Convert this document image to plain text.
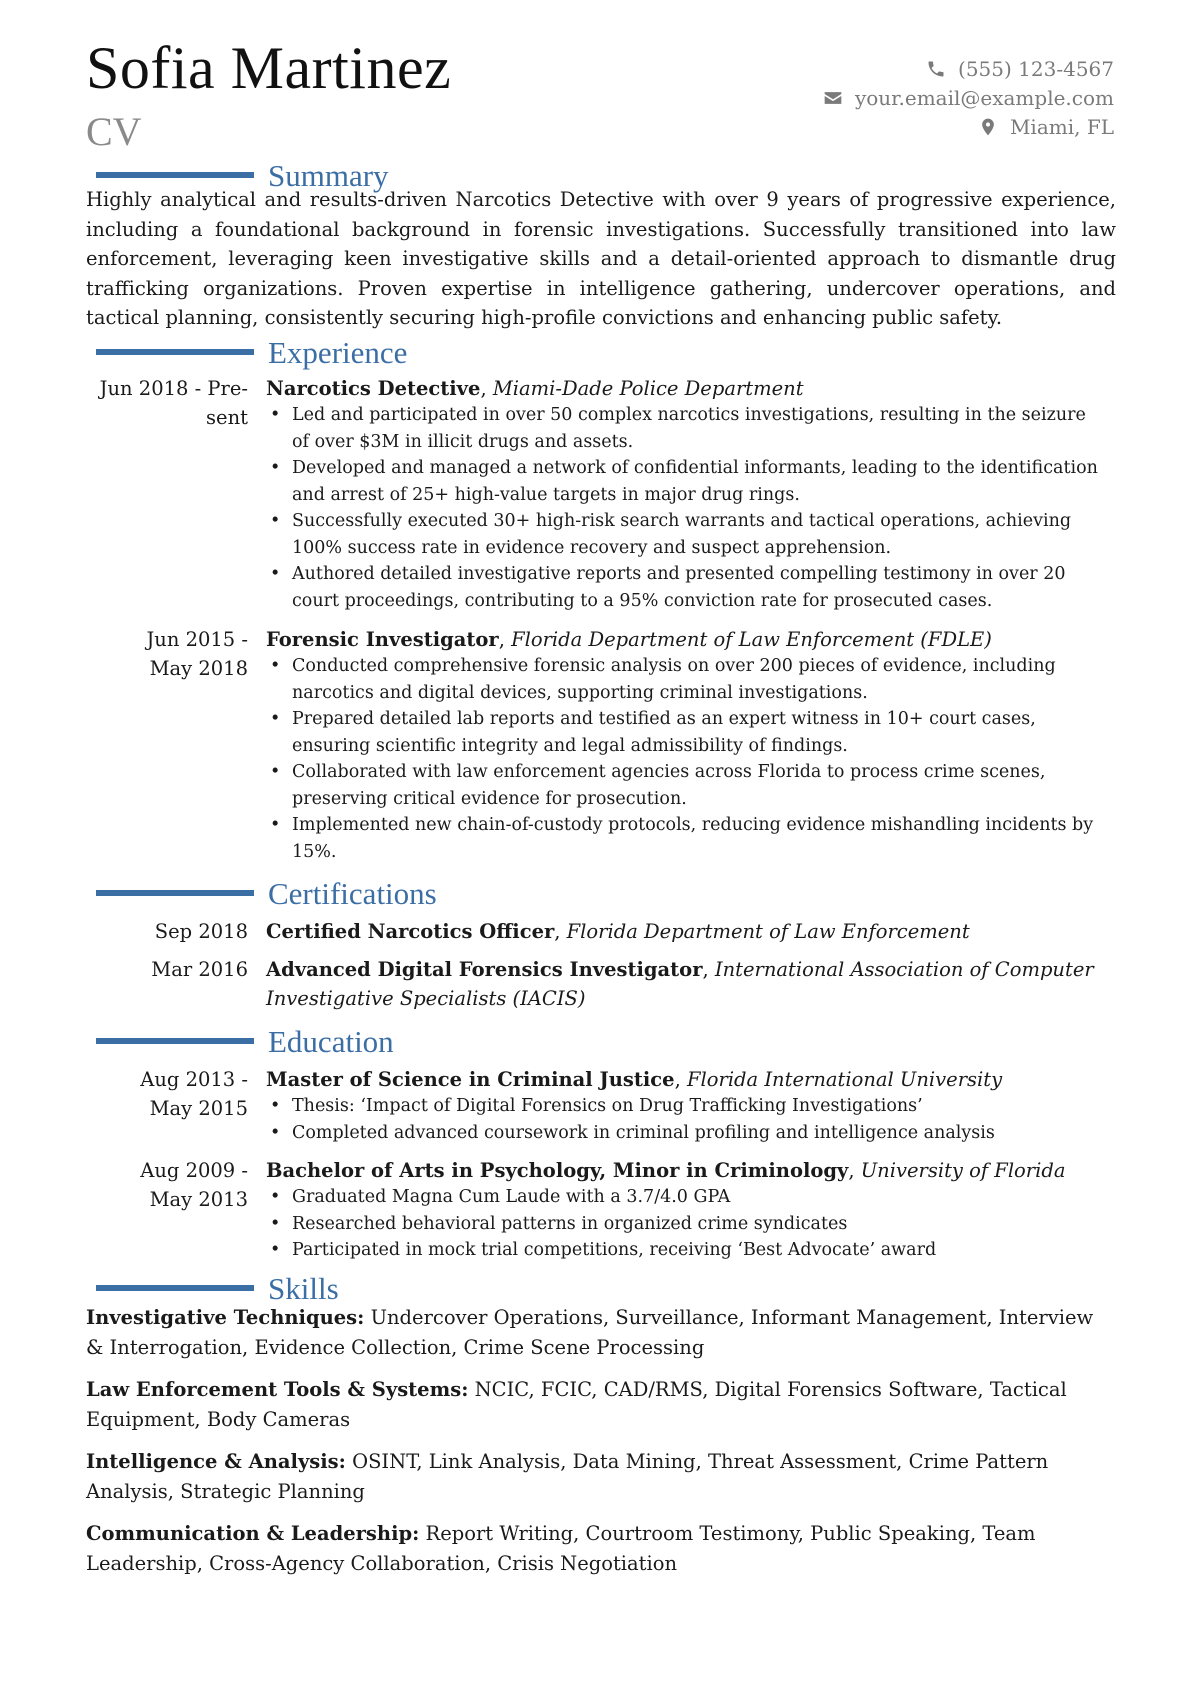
Sofia Martinez
CV
(555) 123-4567
your.email@example.com
Miami, FL
Summary
Highly analytical and results-driven Narcotics Detective with over 9 years of progressive experience, including a foundational background in forensic investigations. Successfully transitioned into law enforcement, leveraging keen investigative skills and a detail-oriented approach to dismantle drug trafficking organizations. Proven expertise in intelligence gathering, undercover operations, and tactical planning, consistently securing high-profile convictions and enhancing public safety.
Experience
Jun 2018 - Pre-
sent
Narcotics Detective, Miami-Dade Police Department
• Led and participated in over 50 complex narcotics investigations, resulting in the seizure of over $3M in illicit drugs and assets.
• Developed and managed a network of confidential informants, leading to the identification and arrest of 25+ high-value targets in major drug rings.
• Successfully executed 30+ high-risk search warrants and tactical operations, achieving 100% success rate in evidence recovery and suspect apprehension.
• Authored detailed investigative reports and presented compelling testimony in over 20 court proceedings, contributing to a 95% conviction rate for prosecuted cases.
Jun 2015 -
May 2018
Forensic Investigator, Florida Department of Law Enforcement (FDLE)
• Conducted comprehensive forensic analysis on over 200 pieces of evidence, including narcotics and digital devices, supporting criminal investigations.
• Prepared detailed lab reports and testified as an expert witness in 10+ court cases, ensuring scientific integrity and legal admissibility of findings.
• Collaborated with law enforcement agencies across Florida to process crime scenes, preserving critical evidence for prosecution.
• Implemented new chain-of-custody protocols, reducing evidence mishandling incidents by 15%.
Certifications
Sep 2018 Certified Narcotics Officer, Florida Department of Law Enforcement
Mar 2016 Advanced Digital Forensics Investigator, International Association of Computer Investigative Specialists (IACIS)
Education
Aug 2013 -
May 2015
Master of Science in Criminal Justice, Florida International University
• Thesis: ‘Impact of Digital Forensics on Drug Trafficking Investigations’
• Completed advanced coursework in criminal profiling and intelligence analysis
Aug 2009 -
May 2013
Bachelor of Arts in Psychology, Minor in Criminology, University of Florida
• Graduated Magna Cum Laude with a 3.7/4.0 GPA
• Researched behavioral patterns in organized crime syndicates
• Participated in mock trial competitions, receiving ‘Best Advocate’ award
Skills
Investigative Techniques: Undercover Operations, Surveillance, Informant Management, Interview & Interrogation, Evidence Collection, Crime Scene Processing
Law Enforcement Tools & Systems: NCIC, FCIC, CAD/RMS, Digital Forensics Software, Tactical Equipment, Body Cameras
Intelligence & Analysis: OSINT, Link Analysis, Data Mining, Threat Assessment, Crime Pattern Analysis, Strategic Planning
Communication & Leadership: Report Writing, Courtroom Testimony, Public Speaking, Team Leadership, Cross-Agency Collaboration, Crisis Negotiation
